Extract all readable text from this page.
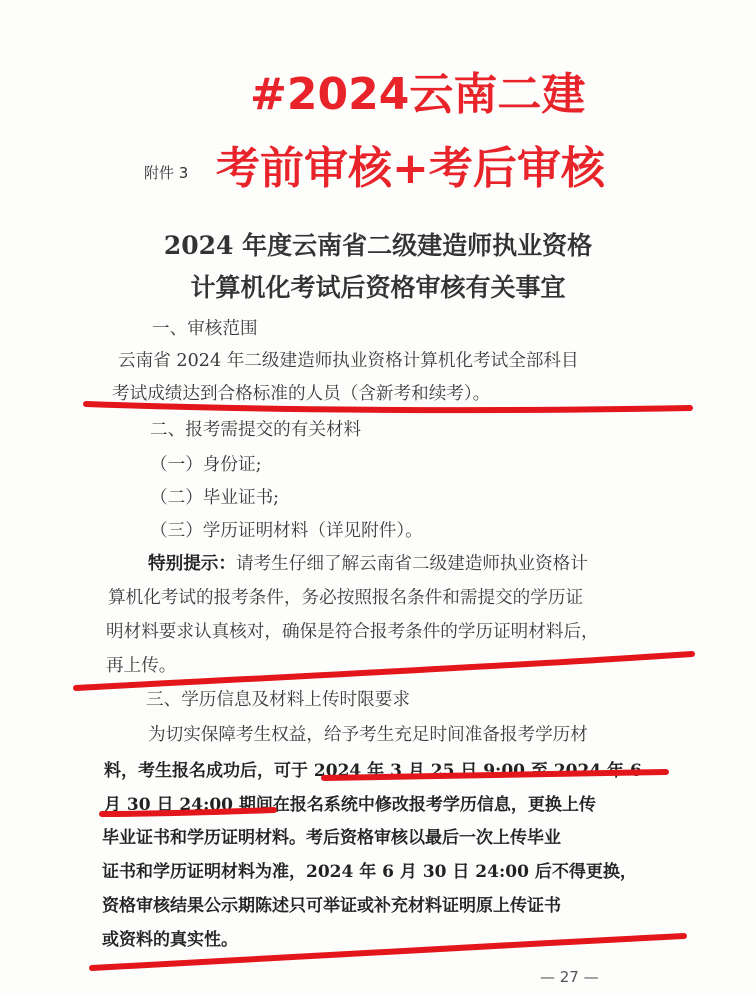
#2024云南二建
附件 3 考前审核+考后审核
2024 年度云南省二级建造师执业资格
计算机化考试后资格审核有关事宜
一、审核范围
云南省 2024 年二级建造师执业资格计算机化考试全部科目
考试成绩达到合格标准的人员（含新考和续考）。
二、报考需提交的有关材料
（一）身份证;
（二）毕业证书;
（三）学历证明材料（详见附件）。
特别提示：请考生仔细了解云南省二级建造师执业资格计
算机化考试的报考条件，务必按照报名条件和需提交的学历证
明材料要求认真核对，确保是符合报考条件的学历证明材料后，
再上传。
三、学历信息及材料上传时限要求
为切实保障考生权益，给予考生充足时间准备报考学历材
料，考生报名成功后，可于 2024 年 3 月 25 日 9:00 至 2024 年 6
月 30 日 24:00 期间在报名系统中修改报考学历信息，更换上传
毕业证书和学历证明材料。考后资格审核以最后一次上传毕业
证书和学历证明材料为准，2024 年 6 月 30 日 24:00 后不得更换，
资格审核结果公示期陈述只可举证或补充材料证明原上传证书
或资料的真实性。
— 27 —
